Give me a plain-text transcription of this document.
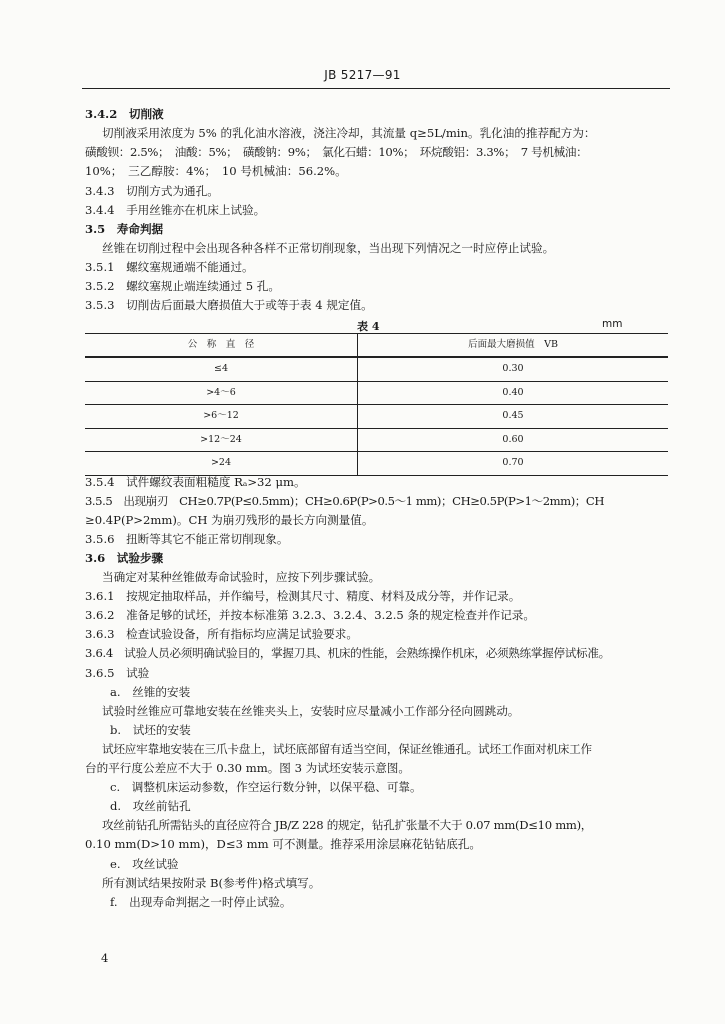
JB 5217—91
3.4.2　切削液
切削液采用浓度为 5% 的乳化油水溶液，浇注冷却，其流量 q≥5L/min。乳化油的推荐配方为：
磺酸钡：2.5%；　油酸：5%；　磺酸钠：9%；　氯化石蜡：10%；　环烷酸铝：3.3%；　7 号机械油：
10%；　三乙醇胺：4%；　10 号机械油：56.2%。
3.4.3　切削方式为通孔。
3.4.4　手用丝锥亦在机床上试验。
3.5　寿命判据
丝锥在切削过程中会出现各种各样不正常切削现象，当出现下列情况之一时应停止试验。
3.5.1　螺纹塞规通端不能通过。
3.5.2　螺纹塞规止端连续通过 5 孔。
3.5.3　切削齿后面最大磨损值大于或等于表 4 规定值。
表 4	mm
公　称　直　径	后面最大磨损值　VB
≤4	0.30
>4～6	0.40
>6～12	0.45
>12～24	0.60
>24	0.70
3.5.4　试件螺纹表面粗糙度 Rₐ>32 μm。
3.5.5　出现崩刃　CH≥0.7P(P≤0.5mm)；CH≥0.6P(P>0.5～1 mm)；CH≥0.5P(P>1～2mm)；CH
≥0.4P(P>2mm)。CH 为崩刃残形的最长方向测量值。
3.5.6　扭断等其它不能正常切削现象。
3.6　试验步骤
当确定对某种丝锥做寿命试验时，应按下列步骤试验。
3.6.1　按规定抽取样品，并作编号，检测其尺寸、精度、材料及成分等，并作记录。
3.6.2　准备足够的试坯，并按本标准第 3.2.3、3.2.4、3.2.5 条的规定检查并作记录。
3.6.3　检查试验设备，所有指标均应满足试验要求。
3.6.4　试验人员必须明确试验目的，掌握刀具、机床的性能，会熟练操作机床，必须熟练掌握停试标准。
3.6.5　试验
a.　丝锥的安装
试验时丝锥应可靠地安装在丝锥夹头上，安装时应尽量减小工作部分径向圆跳动。
b.　试坯的安装
试坯应牢靠地安装在三爪卡盘上，试坯底部留有适当空间，保证丝锥通孔。试坯工作面对机床工作
台的平行度公差应不大于 0.30 mm。图 3 为试坯安装示意图。
c.　调整机床运动参数，作空运行数分钟，以保平稳、可靠。
d.　攻丝前钻孔
攻丝前钻孔所需钻头的直径应符合 JB/Z 228 的规定，钻孔扩张量不大于 0.07 mm(D≤10 mm)，
0.10 mm(D>10 mm)，D≤3 mm 可不测量。推荐采用涂层麻花钻钻底孔。
e.　攻丝试验
所有测试结果按附录 B(参考件)格式填写。
f.　出现寿命判据之一时停止试验。
4
